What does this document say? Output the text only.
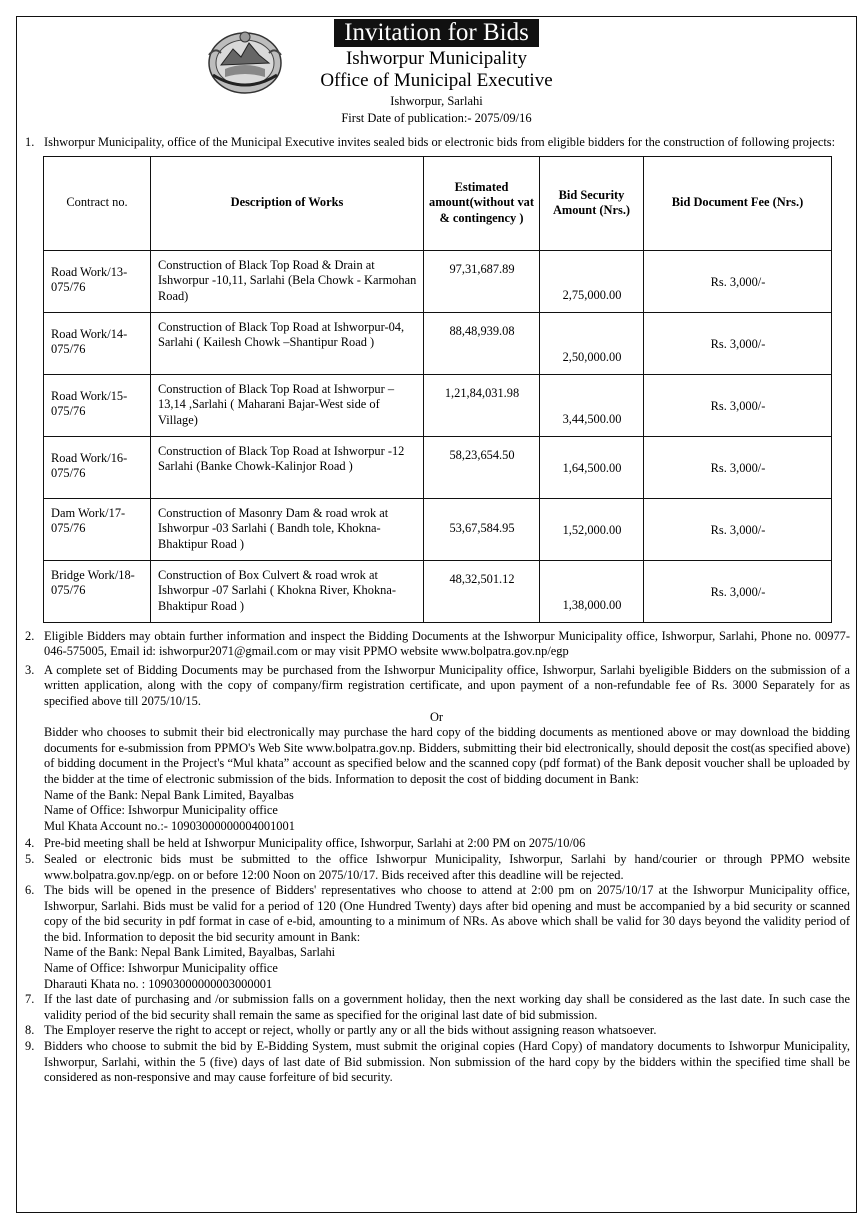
Invitation for Bids
Ishworpur Municipality
Office of Municipal Executive
Ishworpur, Sarlahi
First Date of publication:- 2075/09/16
1. Ishworpur Municipality, office of the Municipal Executive invites sealed bids or electronic bids from eligible bidders for the construction of following projects:
Contract no.	Description of Works	Estimated amount(without vat & contingency )	Bid Security Amount (Nrs.)	Bid Document Fee (Nrs.)
Road Work/13-075/76	Construction of Black Top Road & Drain at Ishworpur -10,11, Sarlahi (Bela Chowk - Karmohan Road)	97,31,687.89	2,75,000.00	Rs. 3,000/-
Road Work/14-075/76	Construction of Black Top Road at Ishworpur-04, Sarlahi ( Kailesh Chowk –Shantipur Road )	88,48,939.08	2,50,000.00	Rs. 3,000/-
Road Work/15-075/76	Construction of Black Top Road at Ishworpur – 13,14 ,Sarlahi ( Maharani Bajar-West side of Village)	1,21,84,031.98	3,44,500.00	Rs. 3,000/-
Road Work/16-075/76	Construction of Black Top Road at Ishworpur -12 Sarlahi (Banke Chowk-Kalinjor Road )	58,23,654.50	1,64,500.00	Rs. 3,000/-
Dam Work/17-075/76	Construction of Masonry Dam & road wrok at Ishworpur -03 Sarlahi ( Bandh tole, Khokna-Bhaktipur Road )	53,67,584.95	1,52,000.00	Rs. 3,000/-
Bridge Work/18-075/76	Construction of Box Culvert & road wrok at Ishworpur -07 Sarlahi ( Khokna River, Khokna-Bhaktipur Road )	48,32,501.12	1,38,000.00	Rs. 3,000/-
2. Eligible Bidders may obtain further information and inspect the Bidding Documents at the Ishworpur Municipality office, Ishworpur, Sarlahi, Phone no. 00977-046-575005, Email id: ishworpur2071@gmail.com or may visit PPMO website www.bolpatra.gov.np/egp
3. A complete set of Bidding Documents may be purchased from the Ishworpur Municipality office, Ishworpur, Sarlahi byeligible Bidders on the submission of a written application, along with the copy of company/firm registration certificate, and upon payment of a non-refundable fee of Rs. 3000 Separately for as specified above till 2075/10/15.
Or
Bidder who chooses to submit their bid electronically may purchase the hard copy of the bidding documents as mentioned above or may download the bidding documents for e-submission from PPMO's Web Site www.bolpatra.gov.np. Bidders, submitting their bid electronically, should deposit the cost(as specified above) of bidding document in the Project's “Mul khata” account as specified below and the scanned copy (pdf format) of the Bank deposit voucher shall be uploaded by the bidder at the time of electronic submission of the bids. Information to deposit the cost of bidding document in Bank:
Name of the Bank: Nepal Bank Limited, Bayalbas
Name of Office: Ishworpur Municipality office
Mul Khata Account no.:- 10903000000004001001
4. Pre-bid meeting shall be held at Ishworpur Municipality office, Ishworpur, Sarlahi at 2:00 PM on 2075/10/06
5. Sealed or electronic bids must be submitted to the office Ishworpur Municipality, Ishworpur, Sarlahi by hand/courier or through PPMO website www.bolpatra.gov.np/egp. on or before 12:00 Noon on 2075/10/17. Bids received after this deadline will be rejected.
6. The bids will be opened in the presence of Bidders' representatives who choose to attend at 2:00 pm on 2075/10/17 at the Ishworpur Municipality office, Ishworpur, Sarlahi. Bids must be valid for a period of 120 (One Hundred Twenty) days after bid opening and must be accompanied by a bid security or scanned copy of the bid security in pdf format in case of e-bid, amounting to a minimum of NRs. As above which shall be valid for 30 days beyond the validity period of the bid. Information to deposit the bid security amount in Bank:
Name of the Bank: Nepal Bank Limited, Bayalbas, Sarlahi
Name of Office: Ishworpur Municipality office
Dharauti Khata no. : 10903000000003000001
7. If the last date of purchasing and /or submission falls on a government holiday, then the next working day shall be considered as the last date. In such case the validity period of the bid security shall remain the same as specified for the original last date of bid submission.
8. The Employer reserve the right to accept or reject, wholly or partly any or all the bids without assigning reason whatsoever.
9. Bidders who choose to submit the bid by E-Bidding System, must submit the original copies (Hard Copy) of mandatory documents to Ishworpur Municipality, Ishworpur, Sarlahi, within the 5 (five) days of last date of Bid submission. Non submission of the hard copy by the bidders within the specified time shall be considered as non-responsive and may cause forfeiture of bid security.
